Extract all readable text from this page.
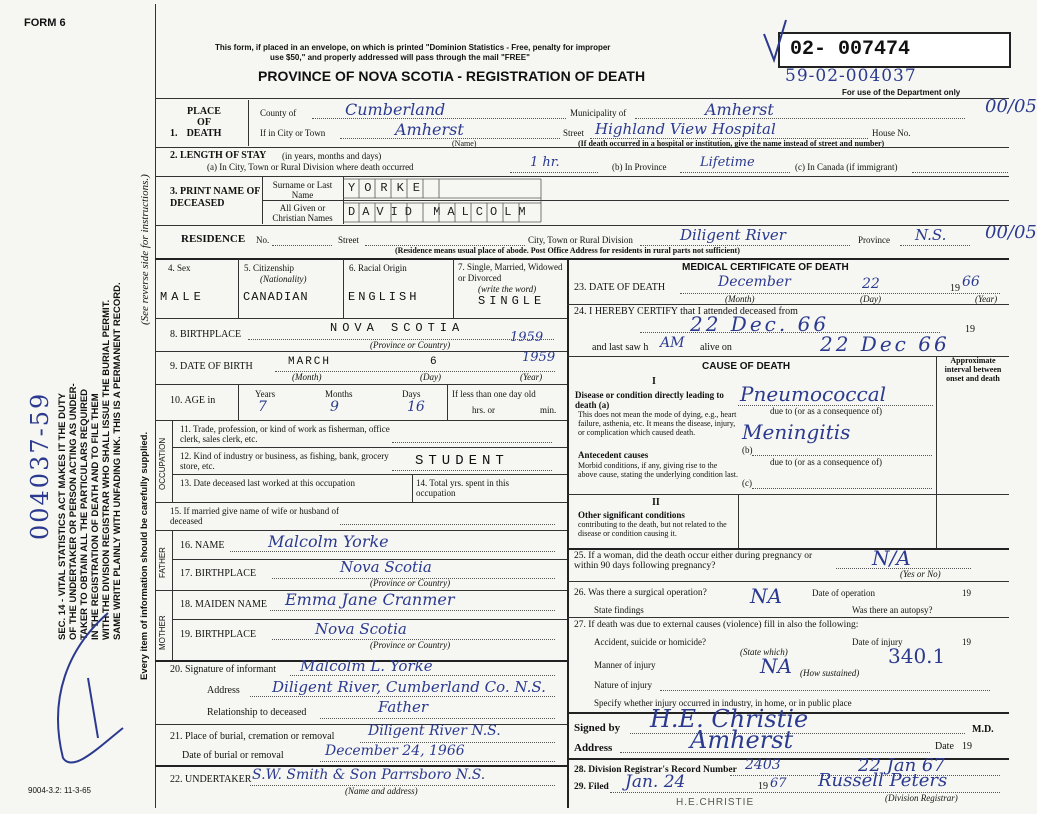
FORM 6
This form, if placed in an envelope, on which is printed "Dominion Statistics - Free, penalty for improper
use $50," and properly addressed will pass through the mail "FREE"
PROVINCE OF NOVA SCOTIA - REGISTRATION OF DEATH
02- 007474
59-02-004037
For use of the Department only
00/05
00/05
004037-59 SEC. 14 - VITAL STATISTICS ACT MAKES IT THE DUTY OF THE UNDERTAKER OR PERSON ACTING AS UNDER- TAKER TO OBTAIN ALL THE PARTICULARS REQUIRED IN THE REGISTRATION OF DEATH AND TO FILE THEM WITH THE DIVISION REGISTRAR WHO SHALL ISSUE THE BURIAL PERMIT. SAME WRITE PLAINLY WITH UNFADING INK. THIS IS A PERMANENT RECORD.
(See reverse side for instructions.)
Every item of information should be carefully supplied.
9004-3.2: 11-3-65
1. PLACE OF DEATH
County of	Cumberland	Municipality of	Amherst
If in City or Town	Amherst
(Name)
Street Highland View Hospital	House No.
(If death occurred in a hospital or institution, give the name instead of street and number)
2. LENGTH OF STAY (in years, months and days)
(a) In City, Town or Rural Division where death occurred	1 hr.	(b) In Province	Lifetime	(c) In Canada (if immigrant)
3. PRINT NAME OF DECEASED
Surname or Last Name
All Given or Christian Names
YORKE
DAVID MALCOLM
RESIDENCE No.	Street	City, Town or Rural Division	Diligent River	Province N.S.
(Residence means usual place of abode. Post Office Address for residents in rural parts not sufficient)
4. Sex
MALE
5. Citizenship
(Nationality)
CANADIAN
6. Racial Origin
ENGLISH
7. Single, Married, Widowed or Divorced
(write the word)
SINGLE
8. BIRTHPLACE	NOVA SCOTIA
1959
(Province or Country)
9. DATE OF BIRTH	MARCH	6	1959
(Month)	(Day)	(Year)
10. AGE in
Years	Months	Days
7	9	16
If less than one day old
hrs. or	min.
OCCUPATION
11. Trade, profession, or kind of work as fisherman, office clerk, sales clerk, etc.
12. Kind of industry or business, as fishing, bank, grocery store, etc.	STUDENT
13. Date deceased last worked at this occupation	14. Total yrs. spent in this occupation
15. If married give name of wife or husband of deceased
FATHER
16. NAME	Malcolm Yorke
17. BIRTHPLACE	Nova Scotia
(Province or Country)
MOTHER
18. MAIDEN NAME Emma Jane Cranmer
19. BIRTHPLACE	Nova Scotia
(Province or Country)
20. Signature of informant Malcolm L. Yorke
Address Diligent River, Cumberland Co. N.S.
Relationship to deceased	Father
21. Place of burial, cremation or removal Diligent River N.S.
Date of burial or removal	December 24, 1966
22. UNDERTAKER S.W. Smith & Son Parrsboro N.S.
(Name and address)
MEDICAL CERTIFICATE OF DEATH
23. DATE OF DEATH	December	22	19 66
(Month)	(Day)	(Year)
24. I HEREBY CERTIFY that I attended deceased from
22 Dec. 66	19
and last saw h AM alive on	22 Dec 66
CAUSE OF DEATH
Approximate interval between onset and death
I
Disease or condition directly leading to death (a)
This does not mean the mode of dying, e.g., heart failure, asthenia, etc. It means the disease, injury, or complication which caused death.
Pneumococcal
due to (or as a consequence of)
Meningitis
Antecedent causes
Morbid conditions, if any, giving rise to the above cause, stating the underlying condition last.
(b)
due to (or as a consequence of)
(c)
II
Other significant conditions
contributing to the death, but not related to the disease or condition causing it.
25. If a woman, did the death occur either during pregnancy or within 90 days following pregnancy?	N/A
(Yes or No)
26. Was there a surgical operation? NA	Date of operation	19
State findings	Was there an autopsy?
27. If death was due to external causes (violence) fill in also the following:
Accident, suicide or homicide?	Date of injury	19
(State which)
Manner of injury	NA (How sustained)
340.1
Nature of injury
Specify whether injury occurred in industry, in home, or in public place
Signed by H.E. Christie	M.D.
Address	Amherst	Date 19
28. Division Registrar's Record Number 2403	22 Jan 67
29. Filed Jan. 24	19 67 Russell Peters
(Division Registrar)
H.E.CHRISTIE
